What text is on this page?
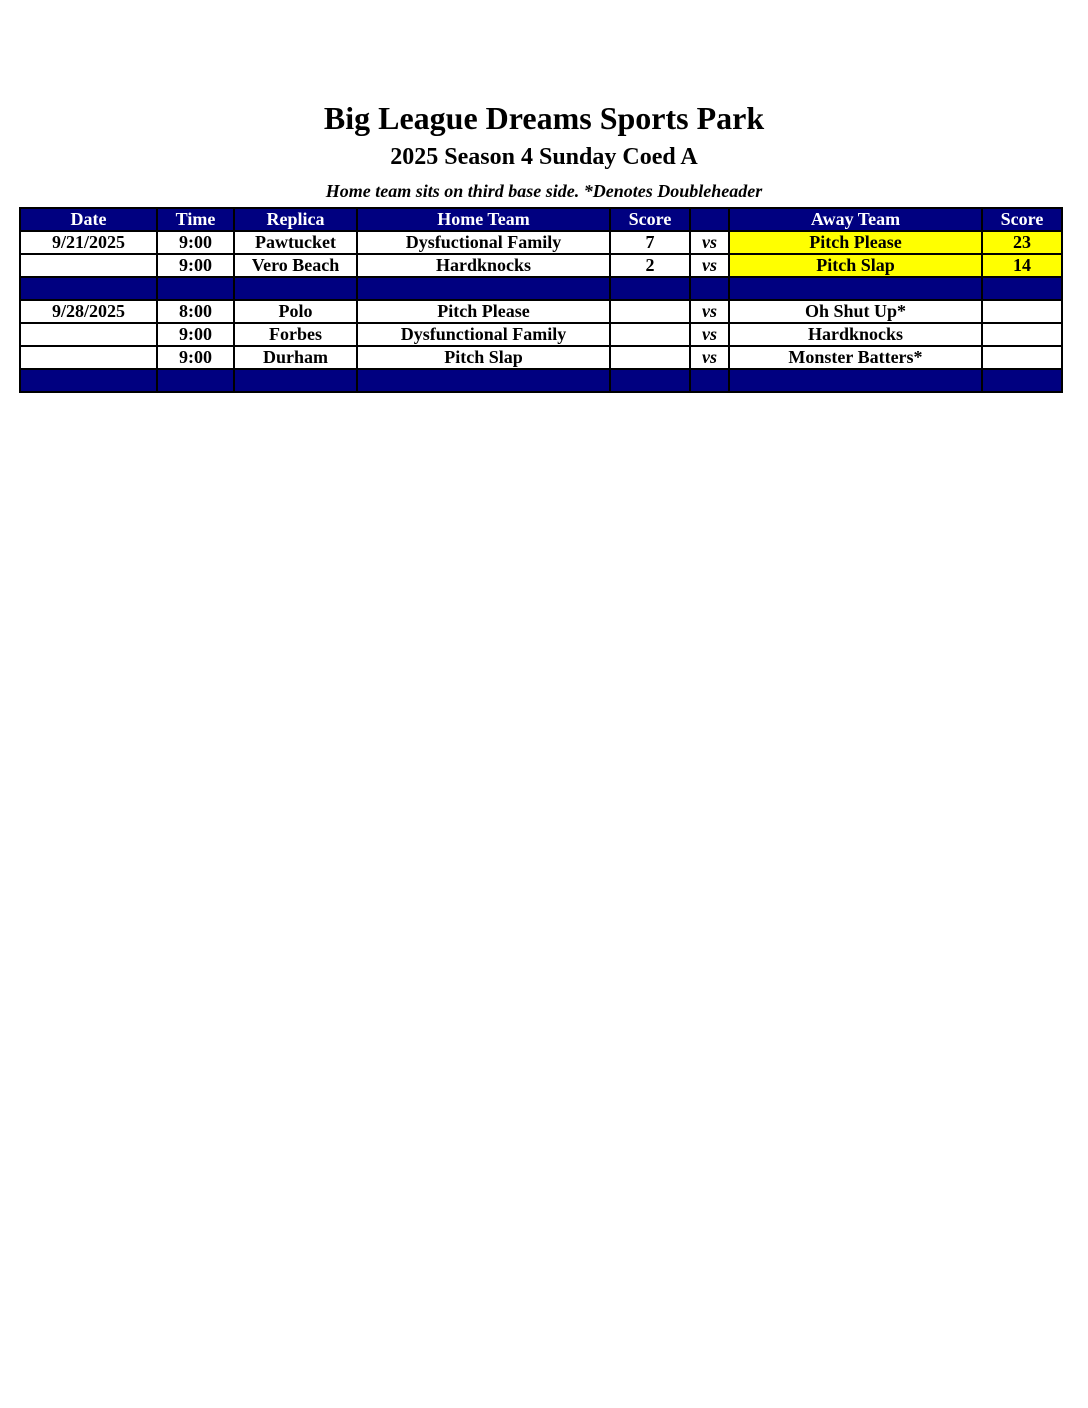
Big League Dreams Sports Park
2025 Season 4 Sunday Coed A
Home team sits on third base side. *Denotes Doubleheader
Date	Time	Replica	Home Team	Score		Away Team	Score
9/21/2025	9:00	Pawtucket	Dysfuctional Family	7	vs	Pitch Please	23
	9:00	Vero Beach	Hardknocks	2	vs	Pitch Slap	14

9/28/2025	8:00	Polo	Pitch Please		vs	Oh Shut Up*	
	9:00	Forbes	Dysfunctional Family		vs	Hardknocks	
	9:00	Durham	Pitch Slap		vs	Monster Batters*	
